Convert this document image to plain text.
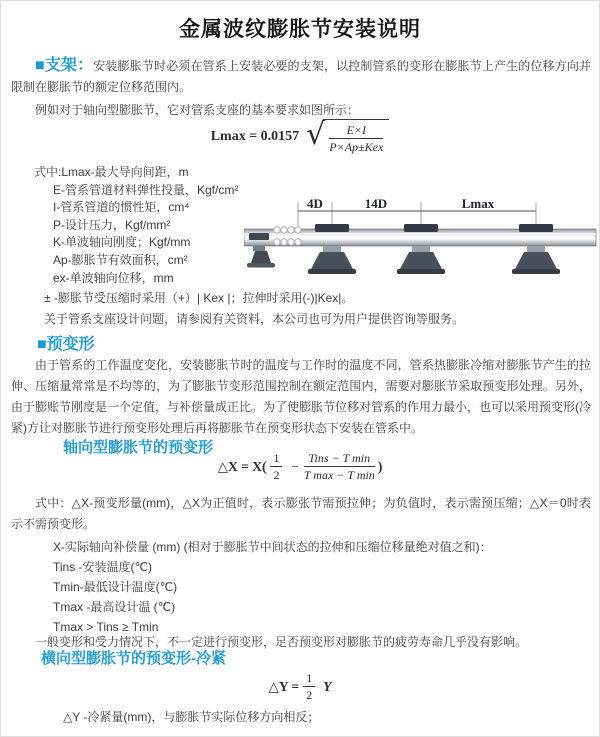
金属波纹膨胀节安装说明

■支架：安装膨胀节时必须在管系上安装必要的支架，以控制管系的变形在膨胀节上产生的位移方向并限制在膨胀节的额定位移范围内。

例如对于轴向型膨胀节，它对管系支座的基本要求如图所示：
Lmax = 0.0157 √ $\frac{E\times I}{\text{P×Ap±Kex}}$
式中:Lmax-最大导向间距，m
E-管系管道材料弹性投量，Kgf/cm²
I-管系管道的惯性矩，cm⁴
P-设计压力，Kgf/mm²
K-单波轴向刚度；Kgf/mm
Ap-膨胀节有效面积，cm²
ex-单波轴向位移，mm
± -膨胀节受压缩时采用（+）| Kex |；拉伸时采用(-)|Kex|。
关于管系支座设计问题，请参阅有关资料，本公司也可为用户提供咨询等服务。
4D	14D	Lmax
■预变形

由于管系的工作温度变化，安装膨胀节时的温度与工作时的温度不同，管系热膨胀冷缩对膨胀节产生的拉伸、压缩量常常是不均等的，为了膨胀节变形范围控制在额定范围内，需要对膨胀节采取预变形处理。另外，由于膨账节刚度是一个定值，与补偿量成正比。为了使膨胀节位移对管系的作用力最小，也可以采用预变形(冷紧)方让对膨胀节进行预变形处理后再将膨胀节在预变形状态下安装在管系中。

轴向型膨胀节的预变形
△X = $X( \frac{1}{2} - \frac{\text{Tins − T min}}{\text{T max − T min}}$ )

式中：△X-预变形量(mm)，△X为正值时，表示膨张节需预拉伸；为负值时，表示需预压缩；△X＝0时表示不需预变形。

X-实际轴向补偿量 (mm) (相对于膨胀节中间状态的拉伸和压缩位移量绝对值之和)：
Tins -安装温度(℃)
Tmin-最低设计温度(℃)
Tmax -最高设计温 (℃)
Tmax > Tins ≥ Tmin
一般变形和受力情况下，不一定进行预变形，足否预变形对膨胀节的疲劳寿命几乎没有影响。
横向型膨胀节的预变形-冷紧
△Y = $\frac{1}{2}$ Y
△Y -冷紧量(mm)，与膨胀节实际位移方向相反；
